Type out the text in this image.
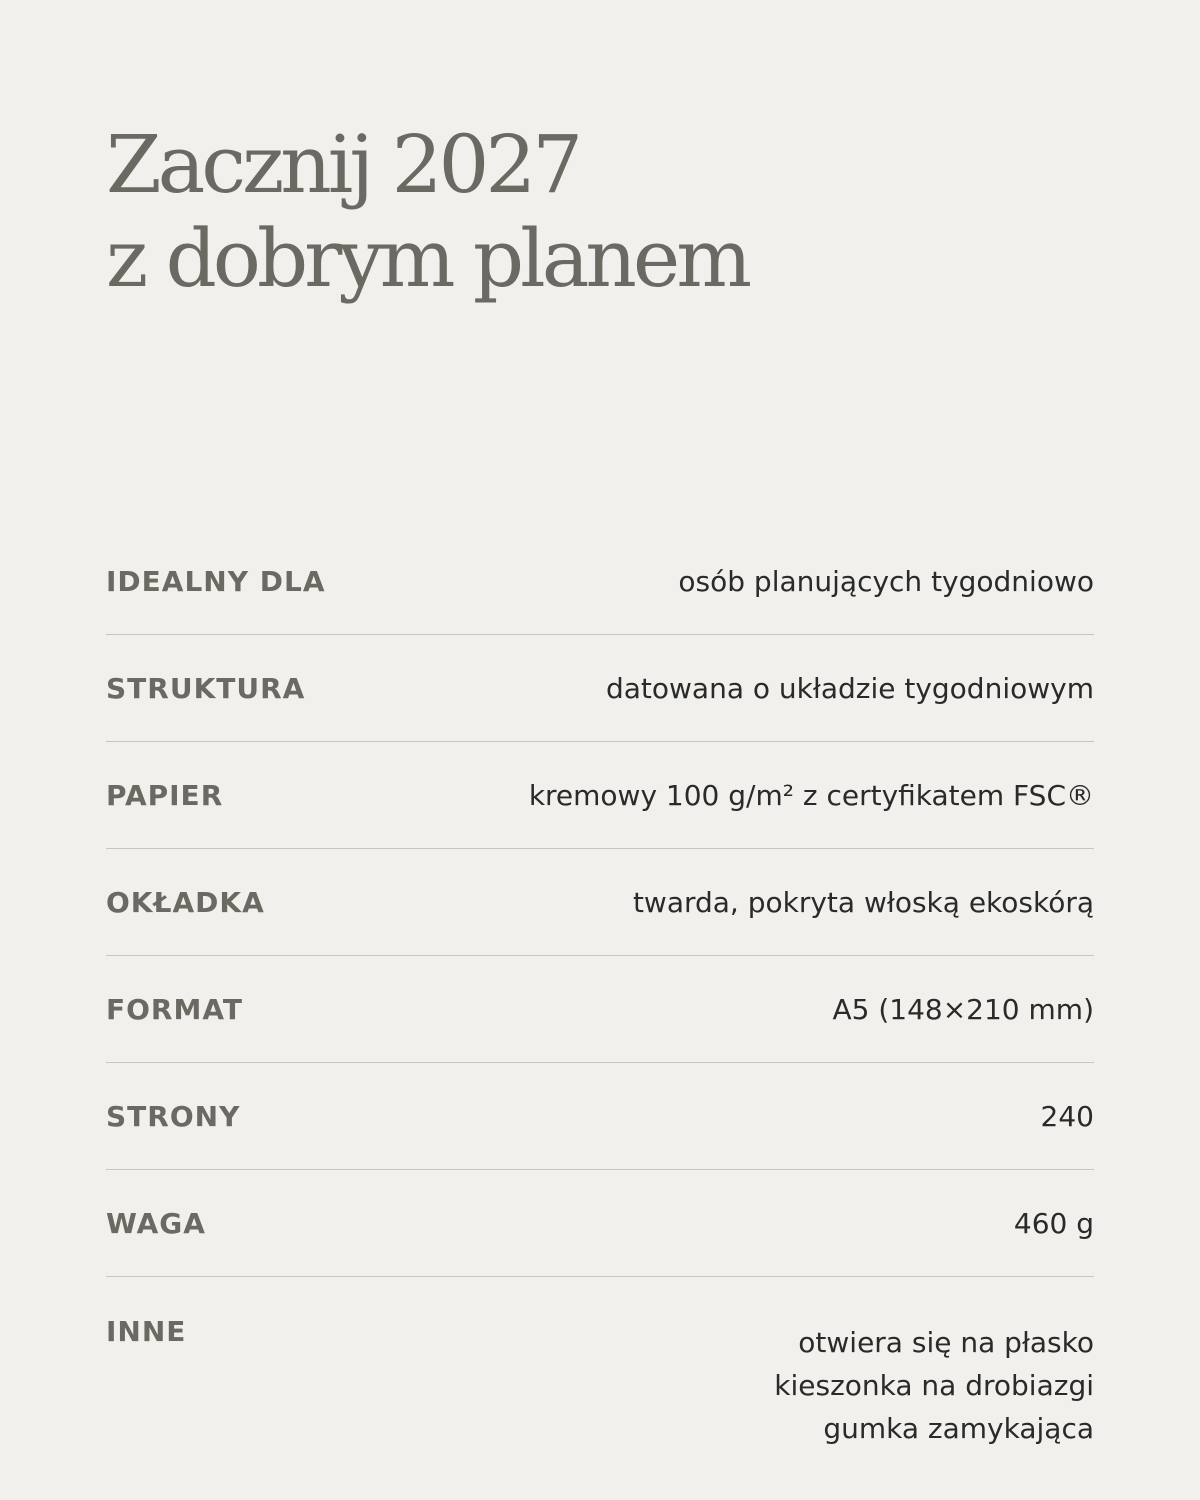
Zacznij 2027
z dobrym planem
IDEALNY DLA	osób planujących tygodniowo
STRUKTURA	datowana o układzie tygodniowym
PAPIER	kremowy 100 g/m² z certyfikatem FSC®
OKŁADKA	twarda, pokryta włoską ekoskórą
FORMAT	A5 (148×210 mm)
STRONY	240
WAGA	460 g
INNE	otwiera się na płasko
kieszonka na drobiazgi
gumka zamykająca
